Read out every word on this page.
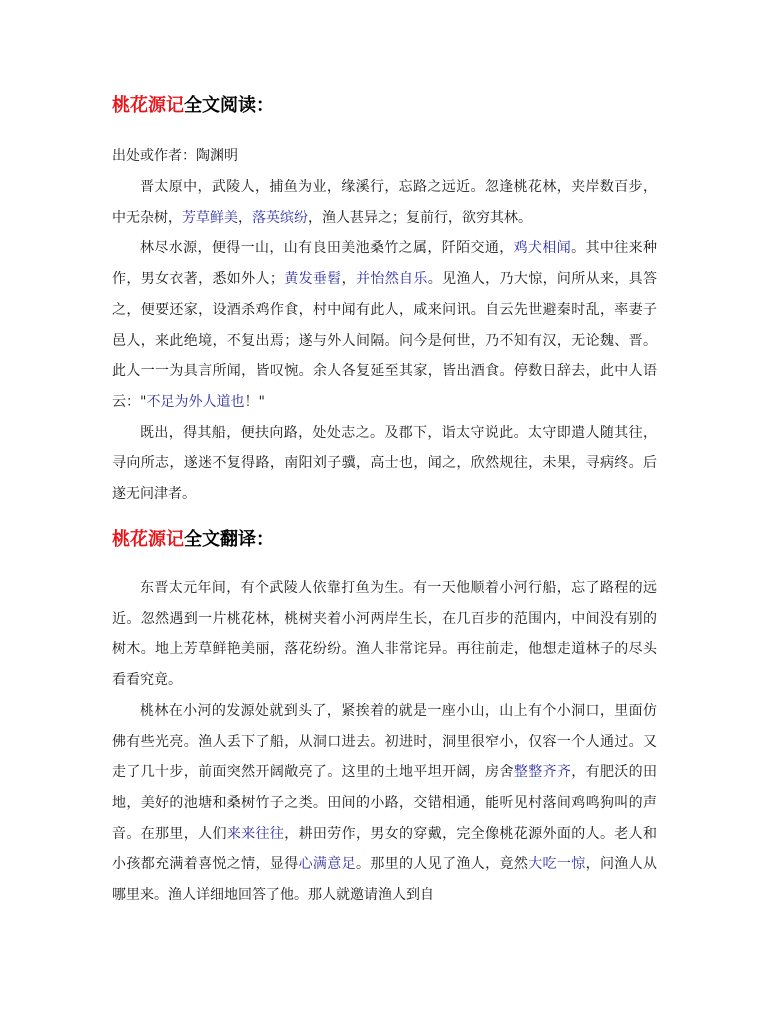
桃花源记全文阅读：
出处或作者：陶渊明

晋太原中，武陵人，捕鱼为业，缘溪行，忘路之远近。忽逢桃花林，夹岸数百步，中无杂树，芳草鲜美，落英缤纷，渔人甚异之；复前行，欲穷其林。

林尽水源，便得一山，山有良田美池桑竹之属，阡陌交通，鸡犬相闻。其中往来种作，男女衣著，悉如外人；黄发垂髫，并怡然自乐。见渔人，乃大惊，问所从来，具答之，便要还家，设酒杀鸡作食，村中闻有此人，咸来问讯。自云先世避秦时乱，率妻子邑人，来此绝境，不复出焉；遂与外人间隔。问今是何世，乃不知有汉，无论魏、晋。此人一一为具言所闻，皆叹惋。余人各复延至其家，皆出酒食。停数日辞去，此中人语云："不足为外人道也！"

既出，得其船，便扶向路，处处志之。及郡下，诣太守说此。太守即遣人随其往，寻向所志，遂迷不复得路，南阳刘子骥，高士也，闻之，欣然规往，未果，寻病终。后遂无问津者。

桃花源记全文翻译：

东晋太元年间，有个武陵人依靠打鱼为生。有一天他顺着小河行船，忘了路程的远近。忽然遇到一片桃花林，桃树夹着小河两岸生长，在几百步的范围内，中间没有别的树木。地上芳草鲜艳美丽，落花纷纷。渔人非常诧异。再往前走，他想走道林子的尽头看看究竟。

桃林在小河的发源处就到头了，紧挨着的就是一座小山，山上有个小洞口，里面仿佛有些光亮。渔人丢下了船，从洞口进去。初进时，洞里很窄小，仅容一个人通过。又走了几十步，前面突然开阔敞亮了。这里的土地平坦开阔，房舍整整齐齐，有肥沃的田地，美好的池塘和桑树竹子之类。田间的小路，交错相通，能听见村落间鸡鸣狗叫的声音。在那里，人们来来往往，耕田劳作，男女的穿戴，完全像桃花源外面的人。老人和小孩都充满着喜悦之情，显得心满意足。那里的人见了渔人，竟然大吃一惊，问渔人从哪里来。渔人详细地回答了他。那人就邀请渔人到自
